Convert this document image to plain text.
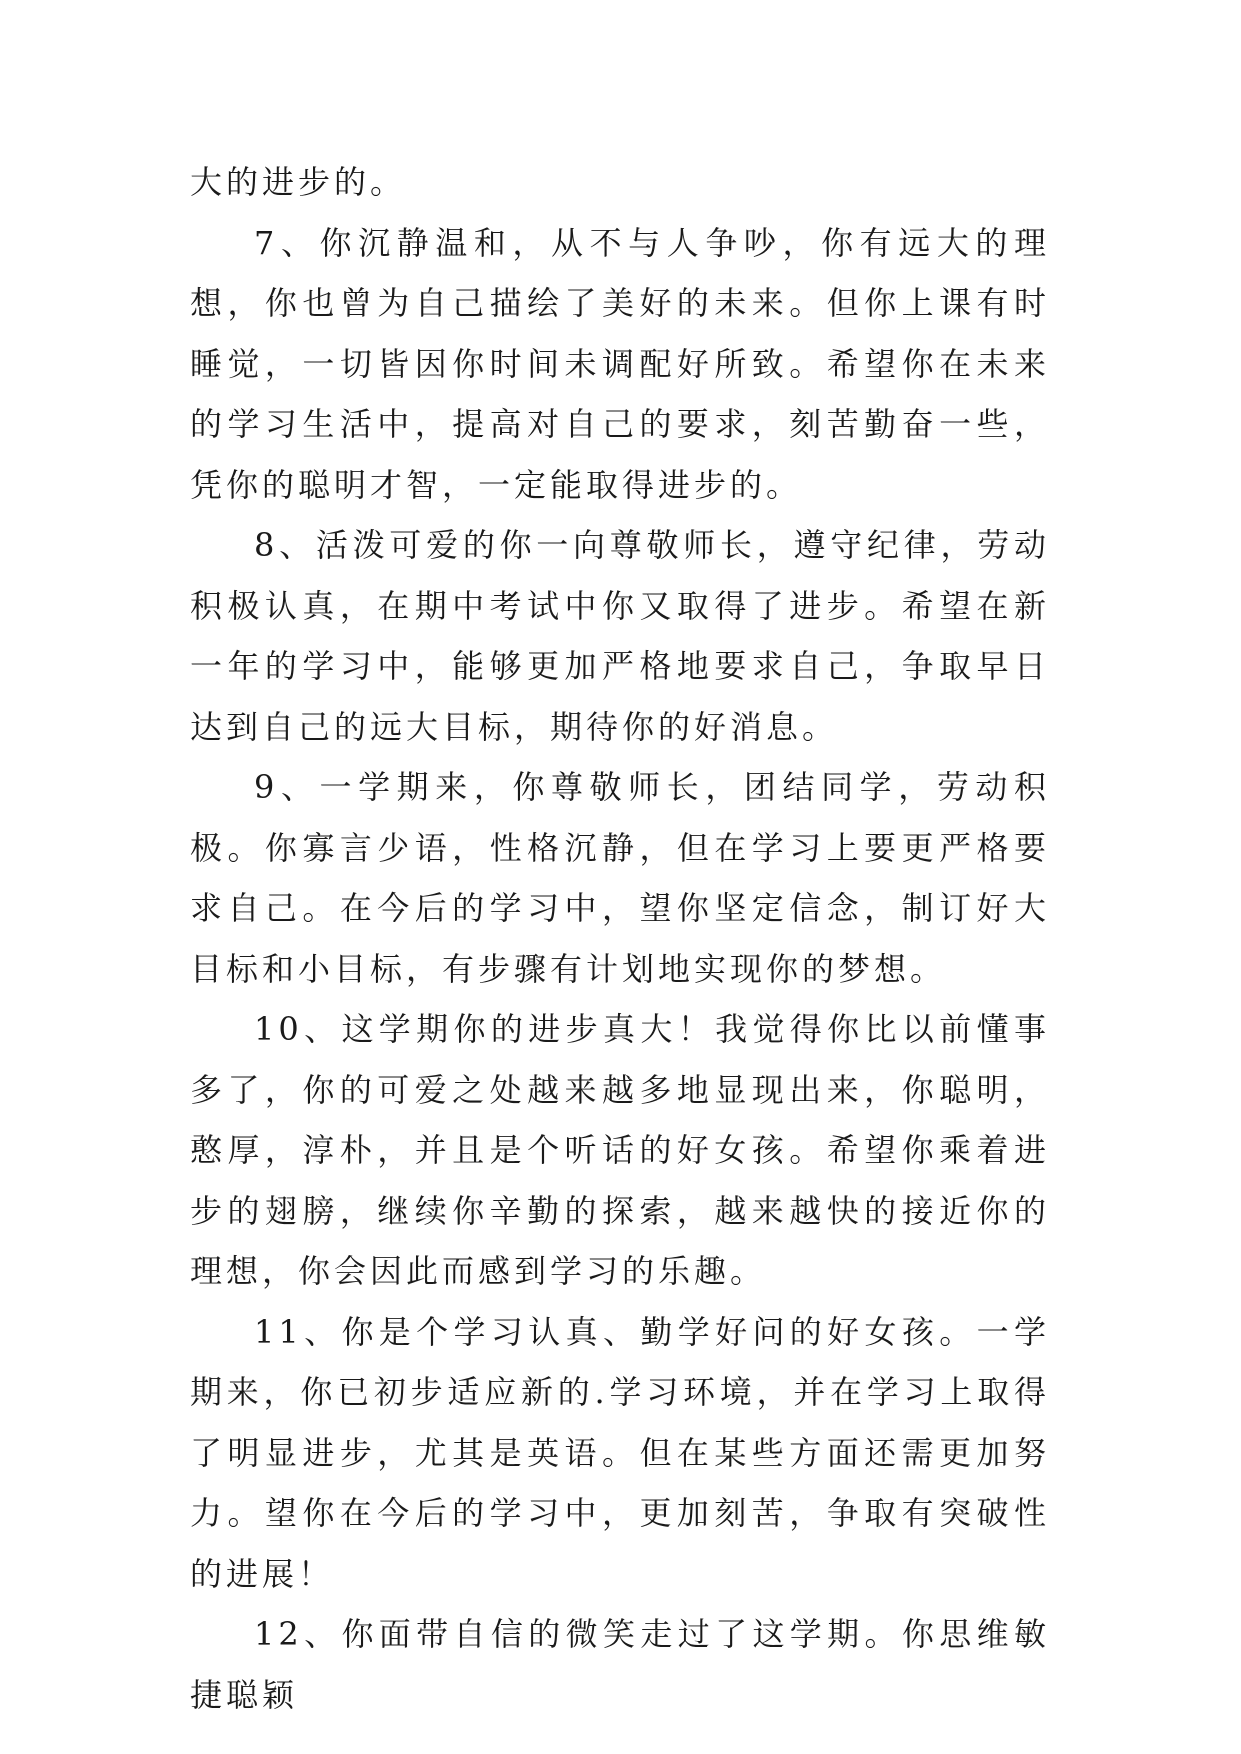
大的进步的。

7、你沉静温和，从不与人争吵，你有远大的理想，你也曾为自己描绘了美好的未来。但你上课有时睡觉，一切皆因你时间未调配好所致。希望你在未来的学习生活中，提高对自己的要求，刻苦勤奋一些，凭你的聪明才智，一定能取得进步的。

8、活泼可爱的你一向尊敬师长，遵守纪律，劳动积极认真，在期中考试中你又取得了进步。希望在新一年的学习中，能够更加严格地要求自己，争取早日达到自己的远大目标，期待你的好消息。

9、一学期来，你尊敬师长，团结同学，劳动积极。你寡言少语，性格沉静，但在学习上要更严格要求自己。在今后的学习中，望你坚定信念，制订好大目标和小目标，有步骤有计划地实现你的梦想。

10、这学期你的进步真大！我觉得你比以前懂事多了，你的可爱之处越来越多地显现出来，你聪明，憨厚，淳朴，并且是个听话的好女孩。希望你乘着进步的翅膀，继续你辛勤的探索，越来越快的接近你的理想，你会因此而感到学习的乐趣。

11、你是个学习认真、勤学好问的好女孩。一学期来，你已初步适应新的.学习环境，并在学习上取得了明显进步，尤其是英语。但在某些方面还需更加努力。望你在今后的学习中，更加刻苦，争取有突破性的进展！

12、你面带自信的微笑走过了这学期。你思维敏捷聪颖
